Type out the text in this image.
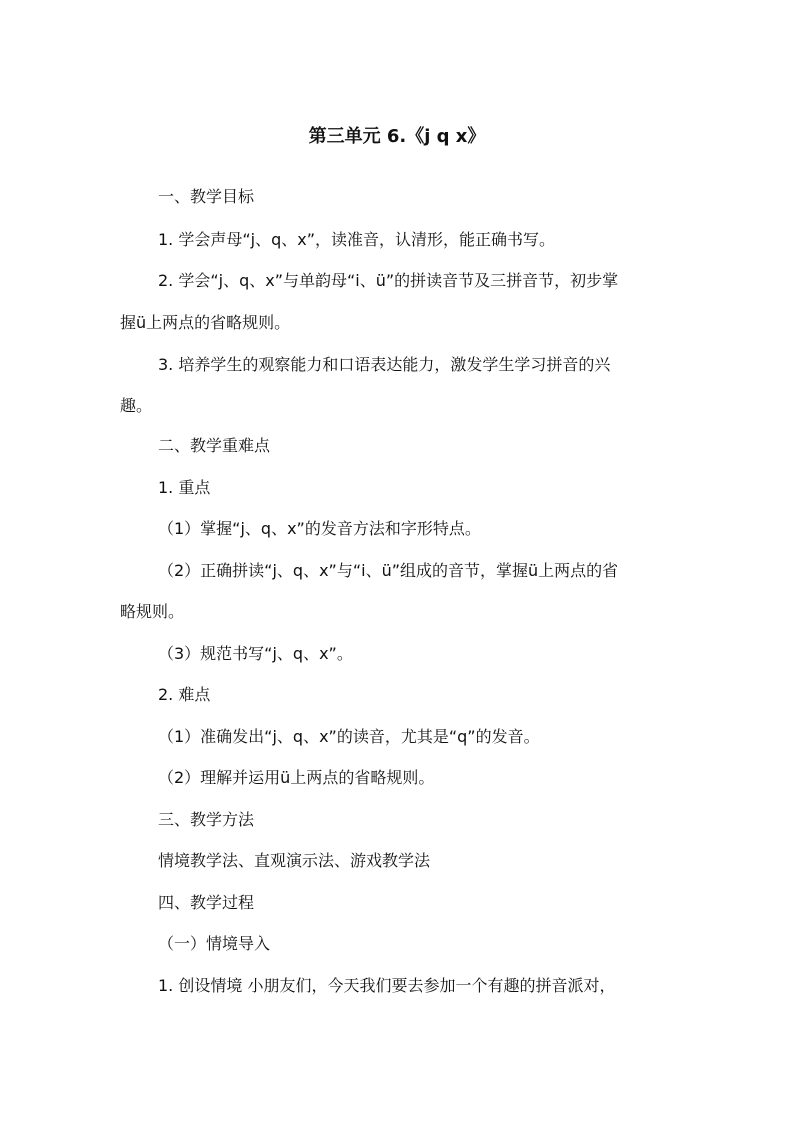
第三单元 6.《j q x》

一、教学目标

1. 学会声母“j、q、x”，读准音，认清形，能正确书写。

2. 学会“j、q、x”与单韵母“i、ü”的拼读音节及三拼音节，初步掌

握ü上两点的省略规则。

3. 培养学生的观察能力和口语表达能力，激发学生学习拼音的兴

趣。

二、教学重难点

1. 重点

（1）掌握“j、q、x”的发音方法和字形特点。

（2）正确拼读“j、q、x”与“i、ü”组成的音节，掌握ü上两点的省

略规则。

（3）规范书写“j、q、x”。

2. 难点

（1）准确发出“j、q、x”的读音，尤其是“q”的发音。

（2）理解并运用ü上两点的省略规则。

三、教学方法

情境教学法、直观演示法、游戏教学法

四、教学过程

（一）情境导入

1. 创设情境 小朋友们，今天我们要去参加一个有趣的拼音派对，
